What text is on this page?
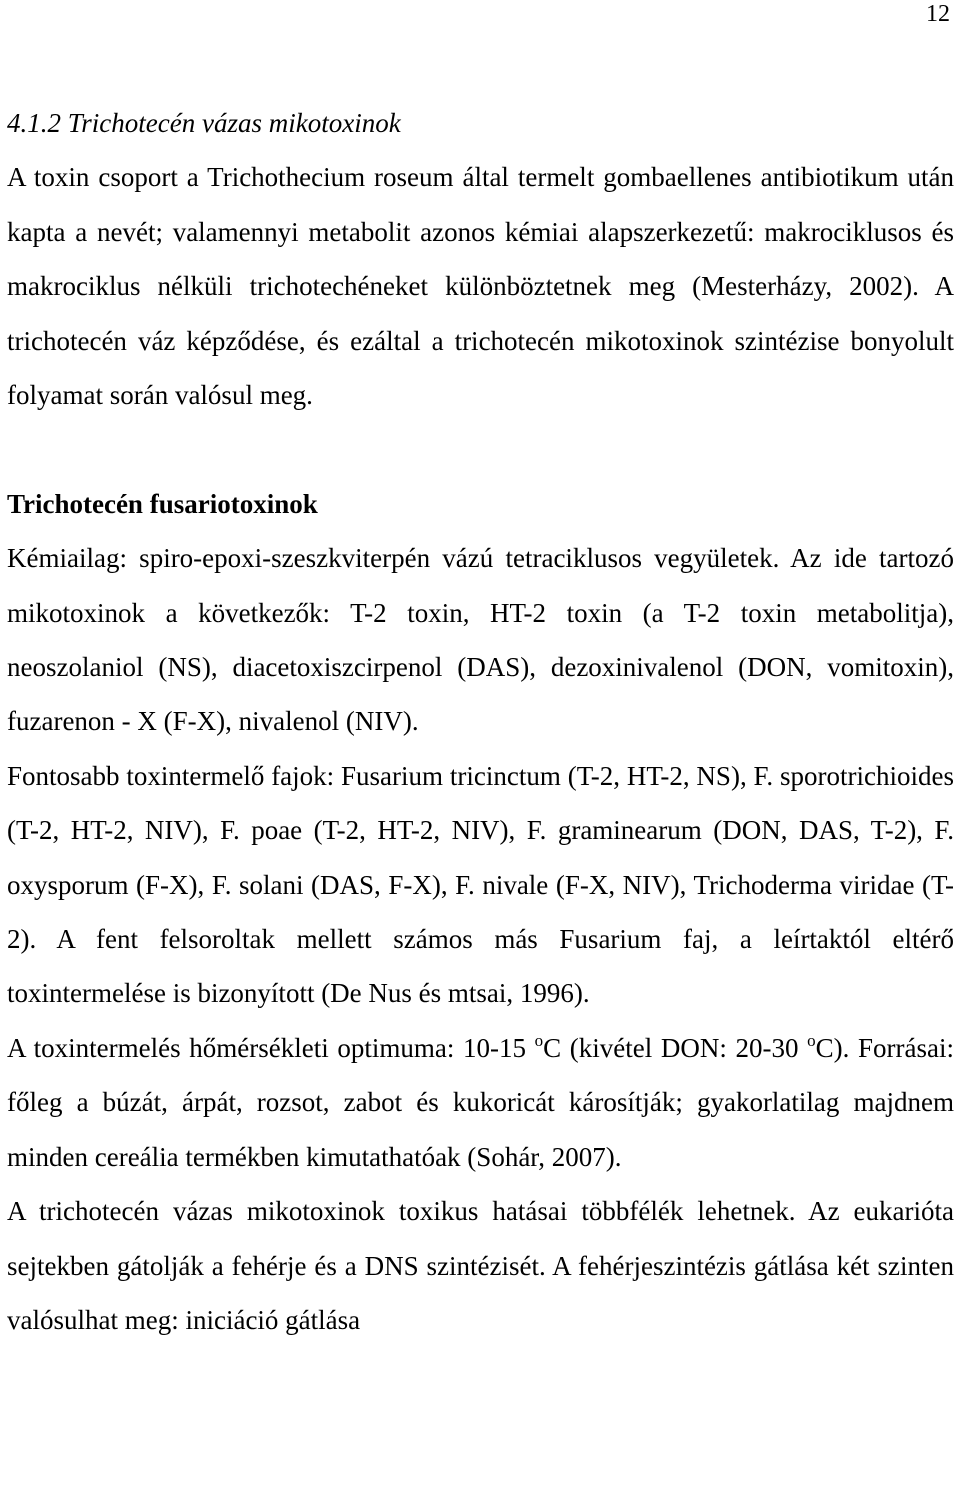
12
4.1.2 Trichotecén vázas mikotoxinok

A toxin csoport a Trichothecium roseum által termelt gombaellenes antibiotikum után kapta a nevét; valamennyi metabolit azonos kémiai alapszerkezetű: makrociklusos és makrociklus nélküli trichotechéneket különböztetnek meg (Mesterházy, 2002). A trichotecén váz képződése, és ezáltal a trichotecén mikotoxinok szintézise bonyolult folyamat során valósul meg.

Trichotecén fusariotoxinok

Kémiailag: spiro-epoxi-szeszkviterpén vázú tetraciklusos vegyületek. Az ide tartozó mikotoxinok a következők: T-2 toxin, HT-2 toxin (a T-2 toxin metabolitja), neoszolaniol (NS), diacetoxiszcirpenol (DAS), dezoxinivalenol (DON, vomitoxin), fuzarenon - X (F-X), nivalenol (NIV).

Fontosabb toxintermelő fajok: Fusarium tricinctum (T-2, HT-2, NS), F. sporotrichioides (T-2, HT-2, NIV), F. poae (T-2, HT-2, NIV), F. graminearum (DON, DAS, T-2), F. oxysporum (F-X), F. solani (DAS, F-X), F. nivale (F-X, NIV), Trichoderma viridae (T-2). A fent felsoroltak mellett számos más Fusarium faj, a leírtaktól eltérő toxintermelése is bizonyított (De Nus és mtsai, 1996).

A toxintermelés hőmérsékleti optimuma: 10-15 $^o$C (kivétel DON: 20-30 $^o$C). Forrásai: főleg a búzát, árpát, rozsot, zabot és kukoricát károsítják; gyakorlatilag majdnem minden cereália termékben kimutathatóak (Sohár, 2007).

A trichotecén vázas mikotoxinok toxikus hatásai többfélék lehetnek. Az eukarióta sejtekben gátolják a fehérje és a DNS szintézisét. A fehérjeszintézis gátlása két szinten valósulhat meg: iniciáció gátlása
